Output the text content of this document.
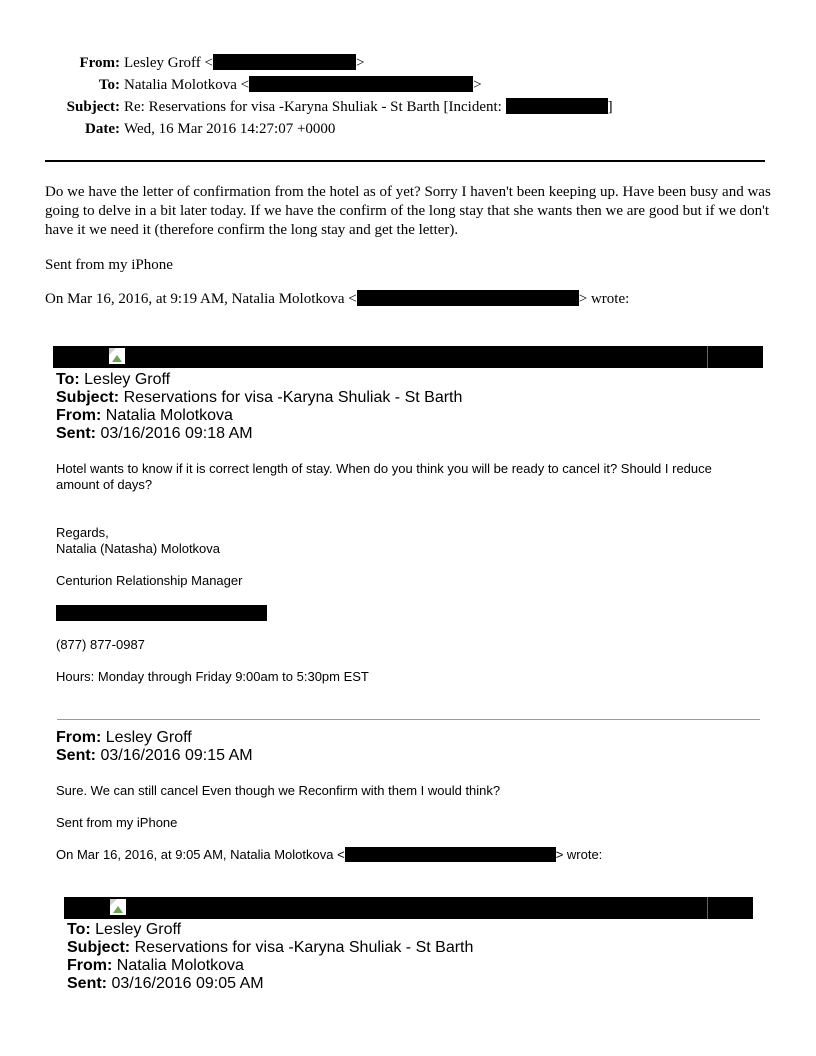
From: Lesley Groff <	>
To: Natalia Molotkova <	>
Subject: Re: Reservations for visa -Karyna Shuliak - St Barth [Incident:	]
Date: Wed, 16 Mar 2016 14:27:07 +0000
Do we have the letter of confirmation from the hotel as of yet? Sorry I haven't been keeping up. Have been busy and was going to delve in a bit later today. If we have the confirm of the long stay that she wants then we are good but if we don't have it we need it (therefore confirm the long stay and get the letter).
Sent from my iPhone
On Mar 16, 2016, at 9:19 AM, Natalia Molotkova <	> wrote:
To: Lesley Groff
Subject: Reservations for visa -Karyna Shuliak - St Barth
From: Natalia Molotkova
Sent: 03/16/2016 09:18 AM
Hotel wants to know if it is correct length of stay. When do you think you will be ready to cancel it? Should I reduce amount of days?
Regards,
Natalia (Natasha) Molotkova
Centurion Relationship Manager
(877) 877-0987
Hours: Monday through Friday 9:00am to 5:30pm EST
From: Lesley Groff
Sent: 03/16/2016 09:15 AM
Sure. We can still cancel Even though we Reconfirm with them I would think?
Sent from my iPhone
On Mar 16, 2016, at 9:05 AM, Natalia Molotkova <	> wrote:
To: Lesley Groff
Subject: Reservations for visa -Karyna Shuliak - St Barth
From: Natalia Molotkova
Sent: 03/16/2016 09:05 AM
